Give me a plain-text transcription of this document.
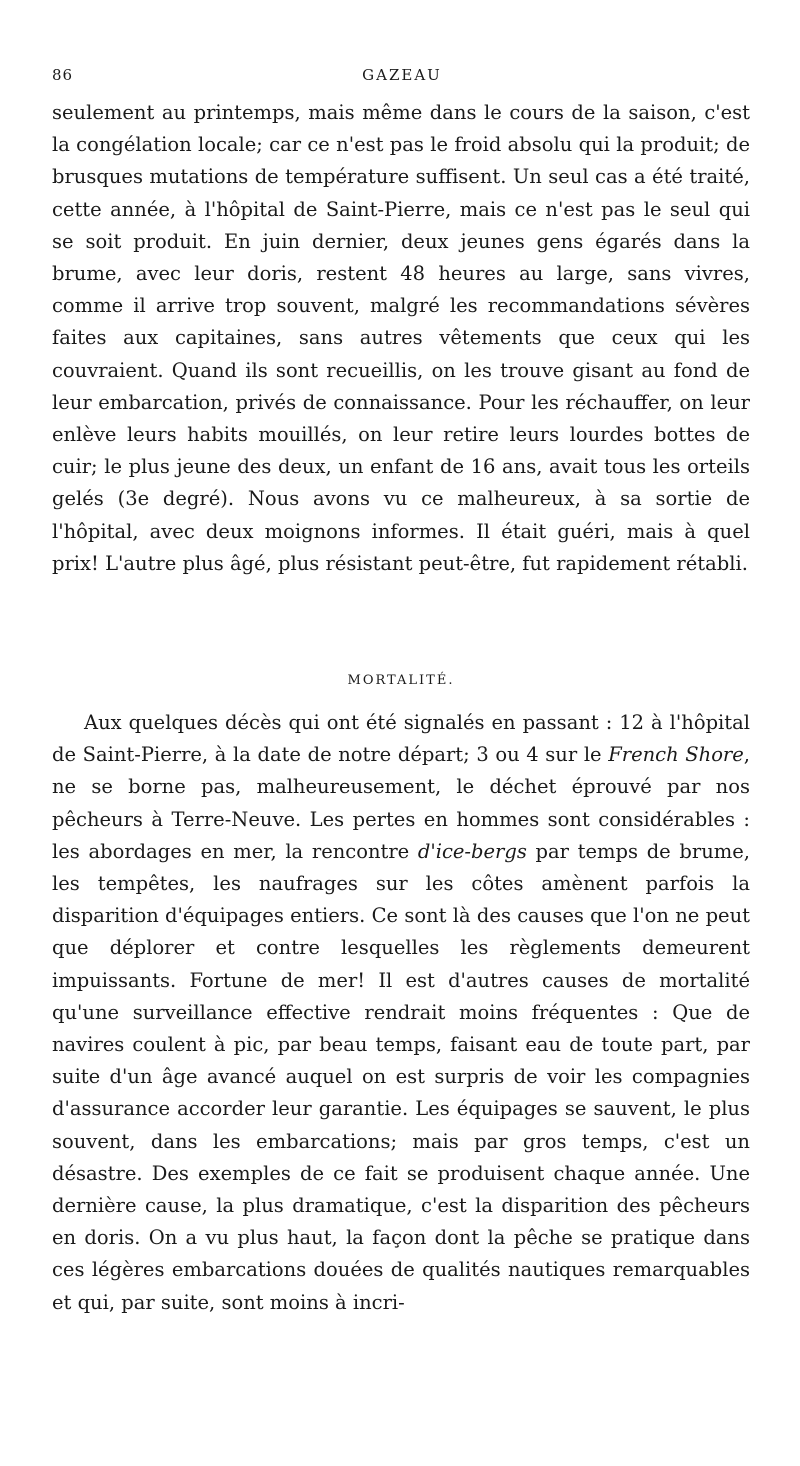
86	GAZEAU

seulement au printemps, mais même dans le cours de la saison, c'est la congélation locale; car ce n'est pas le froid absolu qui la produit; de brusques mutations de température suffisent. Un seul cas a été traité, cette année, à l'hôpital de Saint-Pierre, mais ce n'est pas le seul qui se soit produit. En juin dernier, deux jeunes gens égarés dans la brume, avec leur doris, restent 48 heures au large, sans vivres, comme il arrive trop souvent, malgré les recommandations sévères faites aux capitaines, sans autres vêtements que ceux qui les couvraient. Quand ils sont recueillis, on les trouve gisant au fond de leur embarcation, privés de connaissance. Pour les réchauffer, on leur enlève leurs habits mouillés, on leur retire leurs lourdes bottes de cuir; le plus jeune des deux, un enfant de 16 ans, avait tous les orteils gelés (3e degré). Nous avons vu ce malheureux, à sa sortie de l'hôpital, avec deux moignons informes. Il était guéri, mais à quel prix! L'autre plus âgé, plus résistant peut-être, fut rapidement rétabli.

MORTALITÉ.

Aux quelques décès qui ont été signalés en passant : 12 à l'hôpital de Saint-Pierre, à la date de notre départ; 3 ou 4 sur le French Shore, ne se borne pas, malheureusement, le déchet éprouvé par nos pêcheurs à Terre-Neuve. Les pertes en hommes sont considérables : les abordages en mer, la rencontre d'ice-bergs par temps de brume, les tempêtes, les naufrages sur les côtes amènent parfois la disparition d'équipages entiers. Ce sont là des causes que l'on ne peut que déplorer et contre lesquelles les règlements demeurent impuissants. Fortune de mer! Il est d'autres causes de mortalité qu'une surveillance effective rendrait moins fréquentes : Que de navires coulent à pic, par beau temps, faisant eau de toute part, par suite d'un âge avancé auquel on est surpris de voir les compagnies d'assurance accorder leur garantie. Les équipages se sauvent, le plus souvent, dans les embarcations; mais par gros temps, c'est un désastre. Des exemples de ce fait se produisent chaque année. Une dernière cause, la plus dramatique, c'est la disparition des pêcheurs en doris. On a vu plus haut, la façon dont la pêche se pratique dans ces légères embarcations douées de qualités nautiques remarquables et qui, par suite, sont moins à incri-
